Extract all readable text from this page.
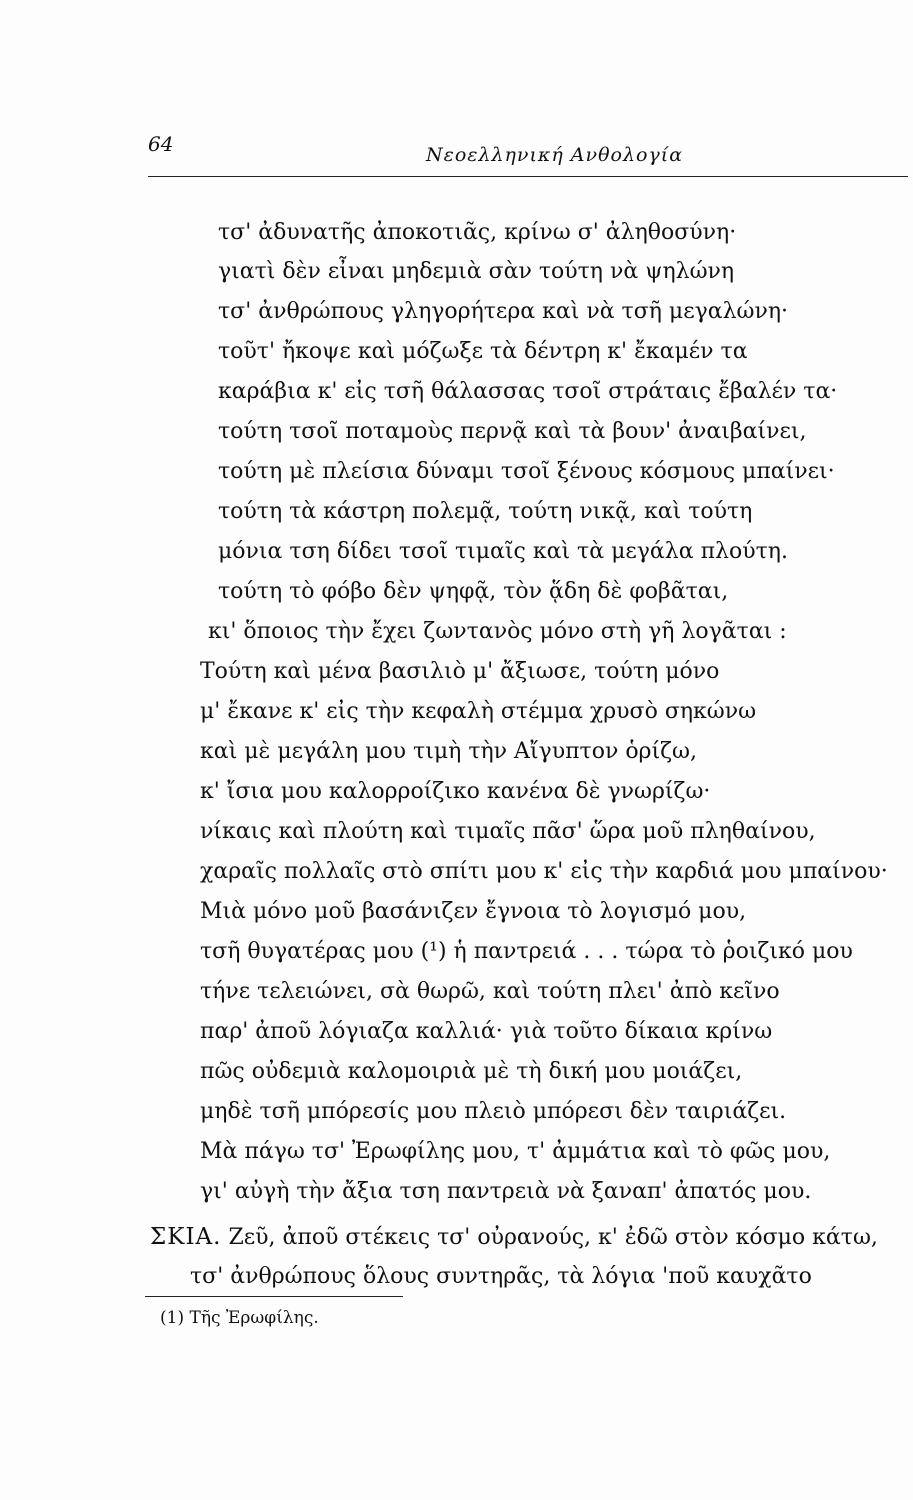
64	Νεοελληνική Ανθολογία
τσ' ἀδυνατῆς ἀποκοτιᾶς, κρίνω σ' ἀληθοσύνη·
γιατὶ δὲν εἶναι μηδεμιὰ σὰν τούτη νὰ ψηλώνη
τσ' ἀνθρώπους γληγορήτερα καὶ νὰ τσῆ μεγαλώνη·
τοῦτ' ἤκοψε καὶ μόζωξε τὰ δέντρη κ' ἔκαμέν τα
καράβια κ' εἰς τσῆ θάλασσας τσοῖ στράταις ἔβαλέν τα·
τούτη τσοῖ ποταμοὺς περνᾷ καὶ τὰ βουν' ἀναιβαίνει,
τούτη μὲ πλείσια δύναμι τσοῖ ξένους κόσμους μπαίνει·
τούτη τὰ κάστρη πολεμᾷ, τούτη νικᾷ, καὶ τούτη
μόνια τση δίδει τσοῖ τιμαῖς καὶ τὰ μεγάλα πλούτη.
τούτη τὸ φόβο δὲν ψηφᾷ, τὸν ᾅδη δὲ φοβᾶται,
κι' ὅποιος τὴν ἔχει ζωντανὸς μόνο στὴ γῆ λογᾶται :
Τούτη καὶ μένα βασιλιὸ μ' ἄξιωσε, τούτη μόνο
μ' ἔκανε κ' εἰς τὴν κεφαλὴ στέμμα χρυσὸ σηκώνω
καὶ μὲ μεγάλη μου τιμὴ τὴν Αἴγυπτον ὁρίζω,
κ' ἴσια μου καλορροίζικο κανένα δὲ γνωρίζω·
νίκαις καὶ πλούτη καὶ τιμαῖς πᾶσ' ὥρα μοῦ πληθαίνου,
χαραῖς πολλαῖς στὸ σπίτι μου κ' εἰς τὴν καρδιά μου μπαίνου·
Μιὰ μόνο μοῦ βασάνιζεν ἔγνοια τὸ λογισμό μου,
τσῆ θυγατέρας μου (¹) ἡ παντρειά . . . τώρα τὸ ῥοιζικό μου
τήνε τελειώνει, σὰ θωρῶ, καὶ τούτη πλει' ἀπὸ κεῖνο
παρ' ἀποῦ λόγιαζα καλλιά· γιὰ τοῦτο δίκαια κρίνω
πῶς οὐδεμιὰ καλομοιριὰ μὲ τὴ δική μου μοιάζει,
μηδὲ τσῆ μπόρεσίς μου πλειὸ μπόρεσι δὲν ταιριάζει.
Μὰ πάγω τσ' Ἐρωφίλης μου, τ' ἀμμάτια καὶ τὸ φῶς μου,
γι' αὐγὴ τὴν ἄξια τση παντρειὰ νὰ ξαναπ' ἀπατός μου.
ΣΚΙΑ. Ζεῦ, ἀποῦ στέκεις τσ' οὐρανούς, κ' ἐδῶ στὸν κόσμο κάτω,
τσ' ἀνθρώπους ὅλους συντηρᾶς, τὰ λόγια 'ποῦ καυχᾶτο
(1) Τῆς Ἐρωφίλης.
